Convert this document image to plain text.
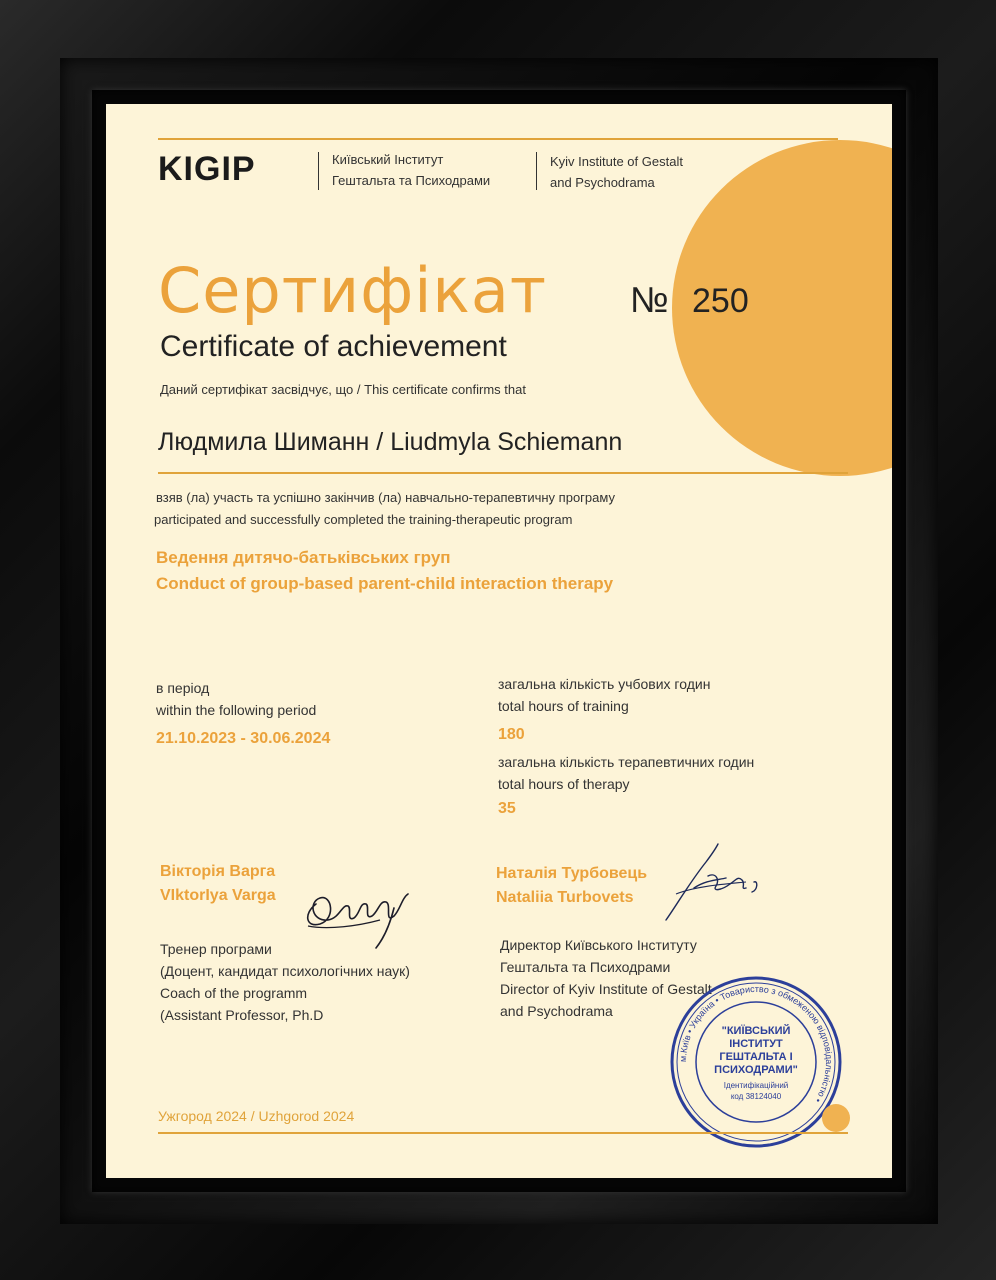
KIGIP	Київський Інститут
Гештальта та Психодрами
Kyiv Institute of Gestalt
and Psychodrama
Сертифікат № 250
Certificate of achievement
Даний сертифікат засвідчує, що / This certificate confirms that
Людмила Шиманн / Liudmyla Schiemann
взяв (ла) участь та успішно закінчив (ла) навчально-терапевтичну програму
participated and successfully completed the training-therapeutic program
Ведення дитячо-батьківських груп
Conduct of group-based parent-child interaction therapy
в період
within the following period
21.10.2023 - 30.06.2024
загальна кількість учбових годин
total hours of training
180
загальна кількість терапевтичних годин
total hours of therapy
35
Вікторія Варга
VIktorIya Varga
Тренер програми
(Доцент, кандидат психологічних наук)
Coach of the programm
(Assistant Professor, Ph.D
Наталія Турбовець
Nataliia Turbovets
Директор Київського Інституту
Гештальта та Психодрами
Director of Kyiv Institute of Gestalt
and Psychodrama
м.Київ • Україна • Товариство з обмеженою відповідальністю •
"КИЇВСЬКИЙ
ІНСТИТУТ
ГЕШТАЛЬТА І
ПСИХОДРАМИ"
Ідентифікаційний
код 38124040
Ужгород 2024 / Uzhgorod 2024
